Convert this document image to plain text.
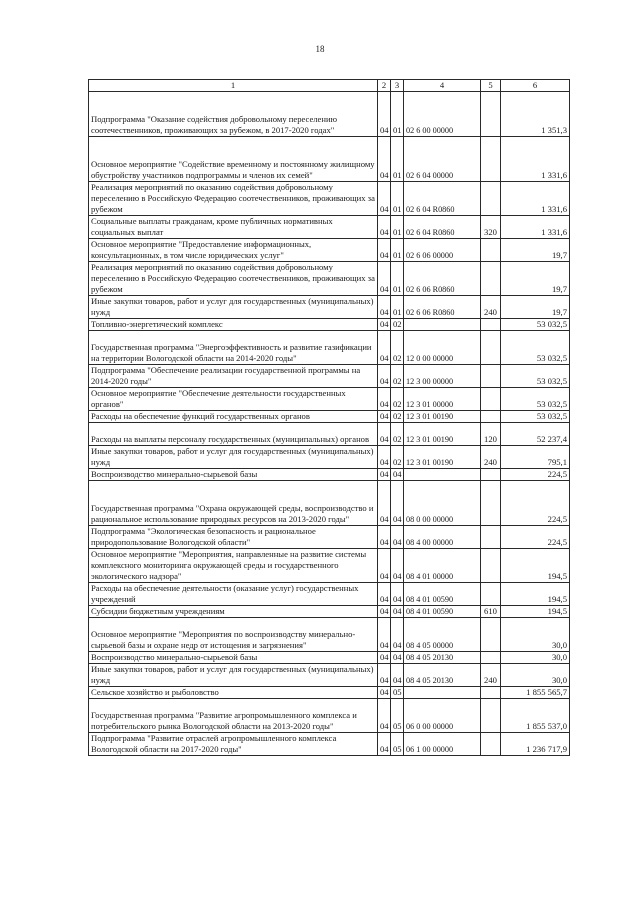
18
1	2	3	4	5	6
Подпрограмма "Оказание содействия добровольному переселению соотечественников, проживающих за рубежом, в 2017-2020 годах"	04	01	02 6 00 00000		1 351,3
Основное мероприятие "Содействие временному и постоянному жилищному обустройству участников подпрограммы и членов их семей"	04	01	02 6 04 00000		1 331,6
Реализация мероприятий по оказанию содействия добровольному переселению в Российскую Федерацию соотечественников, проживающих за рубежом	04	01	02 6 04 R0860		1 331,6
Социальные выплаты гражданам, кроме публичных нормативных социальных выплат	04	01	02 6 04 R0860	320	1 331,6
Основное мероприятие "Предоставление информационных, консультационных, в том числе юридических услуг"	04	01	02 6 06 00000		19,7
Реализация мероприятий по оказанию содействия добровольному переселению в Российскую Федерацию соотечественников, проживающих за рубежом	04	01	02 6 06 R0860		19,7
Иные закупки товаров, работ и услуг для государственных (муниципальных) нужд	04	01	02 6 06 R0860	240	19,7
Топливно-энергетический комплекс	04	02			53 032,5
Государственная программа "Энергоэффективность и развитие газификации на территории Вологодской области на 2014-2020 годы"	04	02	12 0 00 00000		53 032,5
Подпрограмма "Обеспечение реализации государственной программы на 2014-2020 годы"	04	02	12 3 00 00000		53 032,5
Основное мероприятие "Обеспечение деятельности государственных органов"	04	02	12 3 01 00000		53 032,5
Расходы на обеспечение функций государственных органов	04	02	12 3 01 00190		53 032,5
Расходы на выплаты персоналу государственных (муниципальных) органов	04	02	12 3 01 00190	120	52 237,4
Иные закупки товаров, работ и услуг для государственных (муниципальных) нужд	04	02	12 3 01 00190	240	795,1
Воспроизводство минерально-сырьевой базы	04	04			224,5
Государственная программа "Охрана окружающей среды, воспроизводство и рациональное использование природных ресурсов на 2013-2020 годы"	04	04	08 0 00 00000		224,5
Подпрограмма "Экологическая безопасность и рациональное природопользование Вологодской области"	04	04	08 4 00 00000		224,5
Основное мероприятие "Мероприятия, направленные на развитие системы комплексного мониторинга окружающей среды и государственного экологического надзора"	04	04	08 4 01 00000		194,5
Расходы на обеспечение деятельности (оказание услуг) государственных учреждений	04	04	08 4 01 00590		194,5
Субсидии бюджетным учреждениям	04	04	08 4 01 00590	610	194,5
Основное мероприятие "Мероприятия по воспроизводству минерально-сырьевой базы и охране недр от истощения и загрязнения"	04	04	08 4 05 00000		30,0
Воспроизводство минерально-сырьевой базы	04	04	08 4 05 20130		30,0
Иные закупки товаров, работ и услуг для государственных (муниципальных) нужд	04	04	08 4 05 20130	240	30,0
Сельское хозяйство и рыболовство	04	05			1 855 565,7
Государственная программа "Развитие агропромышленного комплекса и потребительского рынка Вологодской области на 2013-2020 годы"	04	05	06 0 00 00000		1 855 537,0
Подпрограмма "Развитие отраслей агропромышленного комплекса Вологодской области на 2017-2020 годы"	04	05	06 1 00 00000		1 236 717,9
